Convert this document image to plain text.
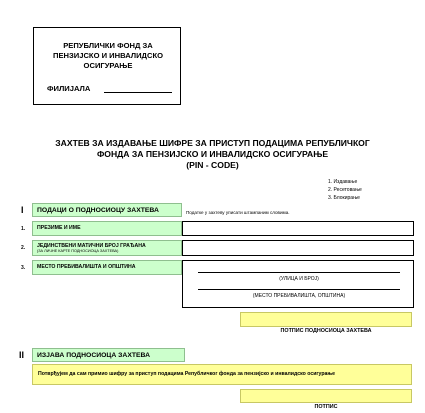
РЕПУБЛИЧКИ ФОНД ЗА
ПЕНЗИЈСКО И ИНВАЛИДСКО
ОСИГУРАЊЕ
ФИЛИЈАЛА
ЗАХТЕВ ЗА ИЗДАВАЊЕ ШИФРЕ ЗА ПРИСТУП ПОДАЦИМА РЕПУБЛИЧКОГ
ФОНДА ЗА ПЕНЗИЈСКО И ИНВАЛИДСКО ОСИГУРАЊЕ
(PIN - CODE)
1. Издавање
2. Ресетовање
3. Блокирање
I	ПОДАЦИ О ПОДНОСИОЦУ ЗАХТЕВА	Податке у захтеву уписати штампаним словима.
1.	ПРЕЗИМЕ И ИМЕ
2.	ЈЕДИНСТВЕНИ МАТИЧНИ БРОЈ ГРАЂАНА
(ЗА ЛИЧНЕ КАРТЕ ПОДНОСИОЦА ЗАХТЕВА)
3.	МЕСТО ПРЕБИВАЛИШТА И ОПШТИНА
(УЛИЦА И БРОЈ)
(МЕСТО ПРЕБИВАЛИШТА, ОПШТИНА)
ПОТПИС ПОДНОСИОЦА ЗАХТЕВА
II	ИЗЈАВА ПОДНОСИОЦА ЗАХТЕВА
Потврђујем да сам примио шифру за приступ подацима Републичког фонда за пензијско и инвалидско осигурање
ПОТПИС
